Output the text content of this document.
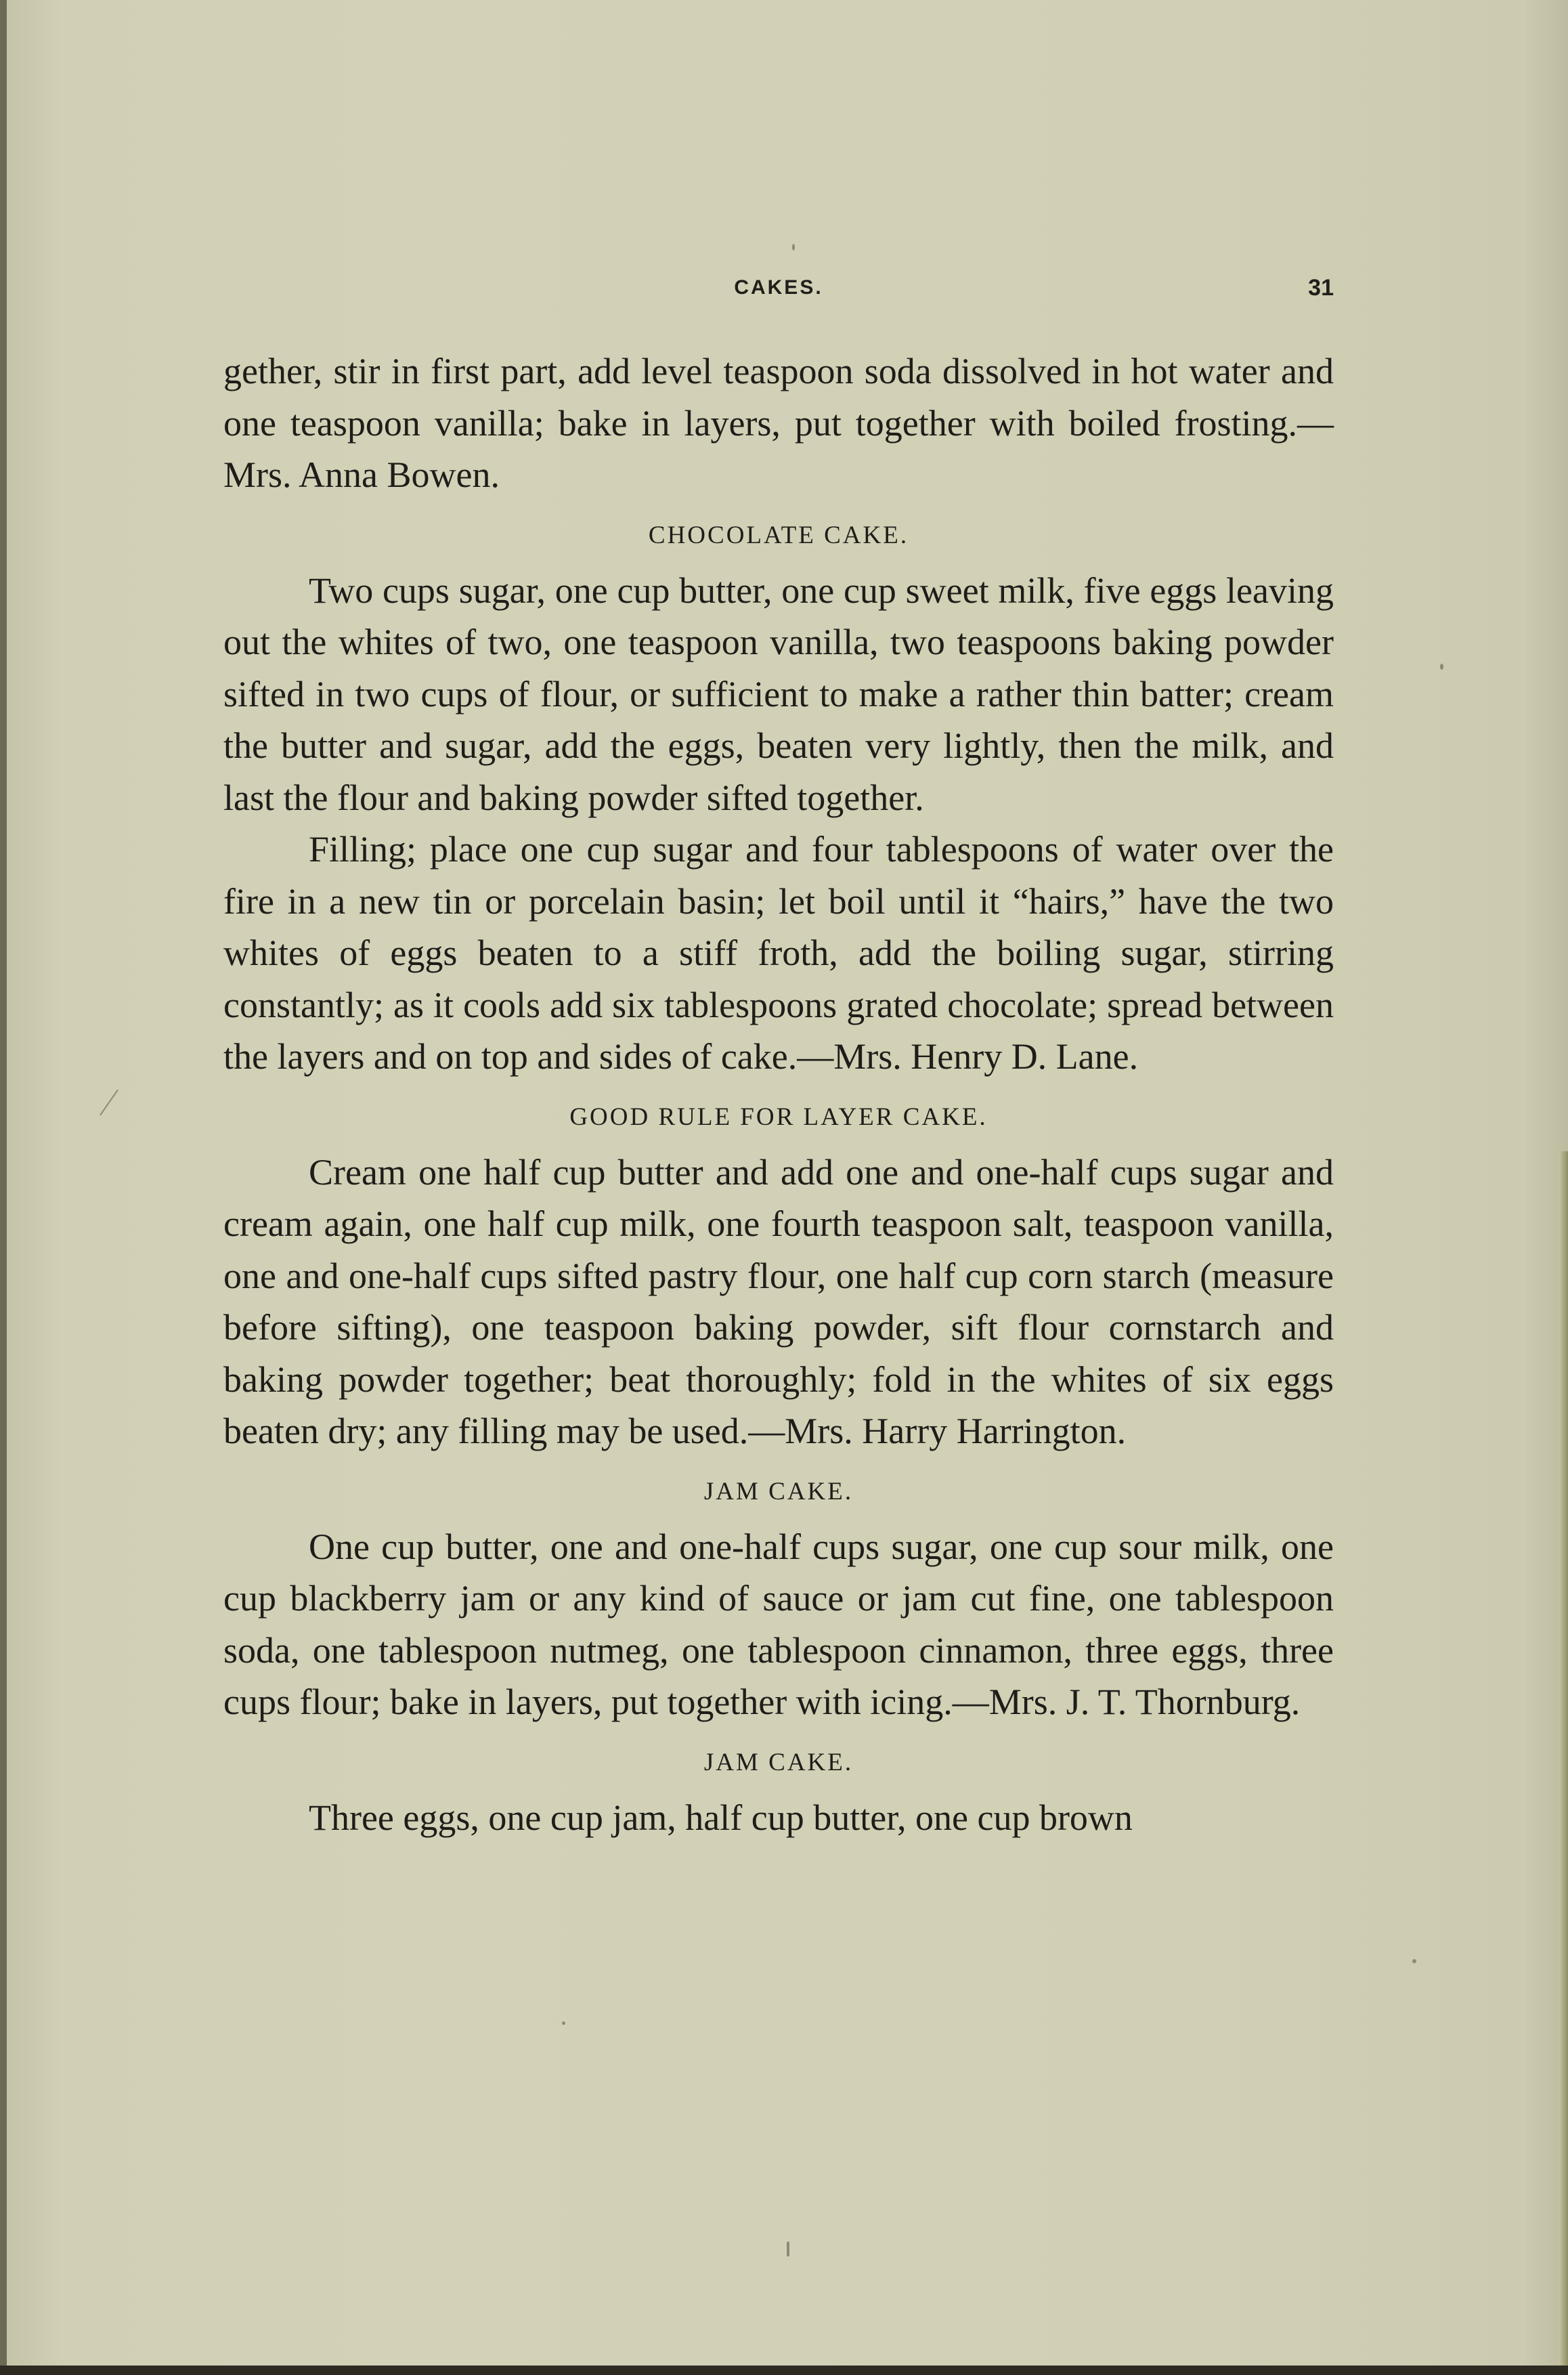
CAKES.	31

gether, stir in first part, add level teaspoon soda dissolved in hot water and one teaspoon vanilla; bake in layers, put together with boiled frosting.—Mrs. Anna Bowen.

CHOCOLATE CAKE.

Two cups sugar, one cup butter, one cup sweet milk, five eggs leaving out the whites of two, one teaspoon vanilla, two teaspoons baking powder sifted in two cups of flour, or sufficient to make a rather thin batter; cream the butter and sugar, add the eggs, beaten very lightly, then the milk, and last the flour and baking powder sifted together.

Filling; place one cup sugar and four tablespoons of water over the fire in a new tin or porcelain basin; let boil until it “hairs,” have the two whites of eggs beaten to a stiff froth, add the boiling sugar, stirring constantly; as it cools add six tablespoons grated chocolate; spread between the layers and on top and sides of cake.—Mrs. Henry D. Lane.

GOOD RULE FOR LAYER CAKE.

Cream one half cup butter and add one and one-half cups sugar and cream again, one half cup milk, one fourth teaspoon salt, teaspoon vanilla, one and one-half cups sifted pastry flour, one half cup corn starch (measure before sifting), one teaspoon baking powder, sift flour cornstarch and baking powder together; beat thoroughly; fold in the whites of six eggs beaten dry; any filling may be used.—Mrs. Harry Harrington.

JAM CAKE.

One cup butter, one and one-half cups sugar, one cup sour milk, one cup blackberry jam or any kind of sauce or jam cut fine, one tablespoon soda, one tablespoon nutmeg, one tablespoon cinnamon, three eggs, three cups flour; bake in layers, put together with icing.—Mrs. J. T. Thornburg.

JAM CAKE.

Three eggs, one cup jam, half cup butter, one cup brown
